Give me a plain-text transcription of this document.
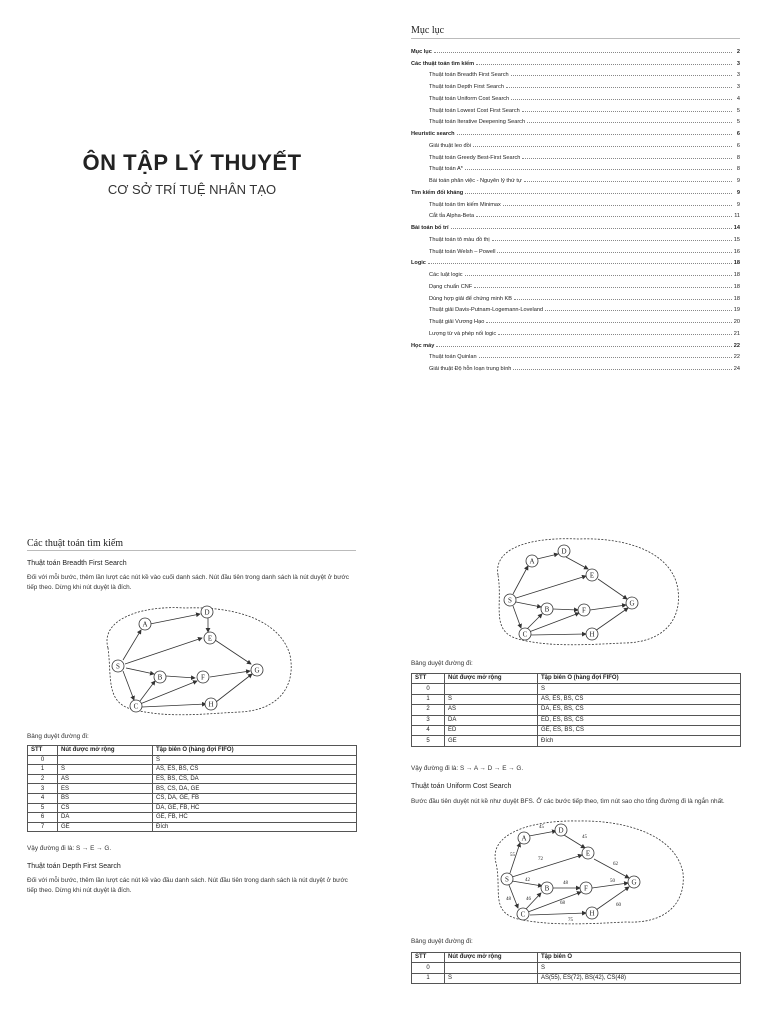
ÔN TẬP LÝ THUYẾT
CƠ SỞ TRÍ TUỆ NHÂN TẠO
Mục lục
Mục lục	2
Các thuật toán tìm kiếm	3
Thuật toán Breadth First Search	3
Thuật toán Depth First Search	3
Thuật toán Uniform Cost Search	4
Thuật toán Lowest Cost First Search	5
Thuật toán Iterative Deepening Search	5
Heuristic search	6
Giải thuật leo đồi	6
Thuật toán Greedy Best-First Search	8
Thuật toán A*	8
Bài toán phân việc - Nguyên lý thứ tự	9
Tìm kiếm đối kháng	9
Thuật toán tìm kiếm Minimax	9
Cắt tỉa Alpha-Beta	11
Bài toán bố trí	14
Thuật toán tô màu đồ thị	15
Thuật toán Welsh – Powell	16
Logic	18
Các luật logic	18
Dạng chuẩn CNF	18
Dùng hợp giải để chứng minh KB	18
Thuật giải Davis-Putnam-Logemann-Loveland	19
Thuật giải Vương Hạo	20
Lượng từ và phép nối logic	21
Học máy	22
Thuật toán Quinlan	22
Giải thuật Độ hỗn loạn trung bình	24
Các thuật toán tìm kiếm
Thuật toán Breadth First Search
Đối với mỗi bước, thêm lần lượt các nút kề vào cuối danh sách. Nút đầu tiên trong danh sách là nút duyệt ở bước tiếp theo. Dừng khi nút duyệt là đích.
S
A
B
C
D
E
F
G
H
Bảng duyệt đường đi:
STT	Nút được mở rộng	Tập biên O (hàng đợi FIFO)
0		S
1	S	AS, ES, BS, CS
2	AS	ES, BS, CS, DA
3	ES	BS, CS, DA, GE
4	BS	CS, DA, GE, FB
5	CS	DA, GE, FB, HC
6	DA	GE, FB, HC
7	GE	Đích
Vậy đường đi là: S → E → G.
Thuật toán Depth First Search
Đối với mỗi bước, thêm lần lượt các nút kề vào đầu danh sách. Nút đầu tiên trong danh sách là nút duyệt ở bước tiếp theo. Dừng khi nút duyệt là đích.
S
A
B
C
D
E
F
G
H
Bảng duyệt đường đi:
STT	Nút được mở rộng	Tập biên O (hàng đợi FIFO)
0		S
1	S	AS, ES, BS, CS
2	AS	DA, ES, BS, CS
3	DA	ED, ES, BS, CS
4	ED	GE, ES, BS, CS
5	GE	Đích
Vậy đường đi là: S → A → D → E → G.
Thuật toán Uniform Cost Search
Bước đầu tiên duyệt nút kề như duyệt BFS. Ở các bước tiếp theo, tìm nút sao cho tổng đường đi là ngắn nhất.
55
45
45
72
42
48
48	50
62
46
68
75
60
S
A
B
C
D
E
F
G
H
Bảng duyệt đường đi:
STT	Nút được mở rộng	Tập biên O
0		S
1	S	AS(55), ES(72), BS(42), CS(48)
